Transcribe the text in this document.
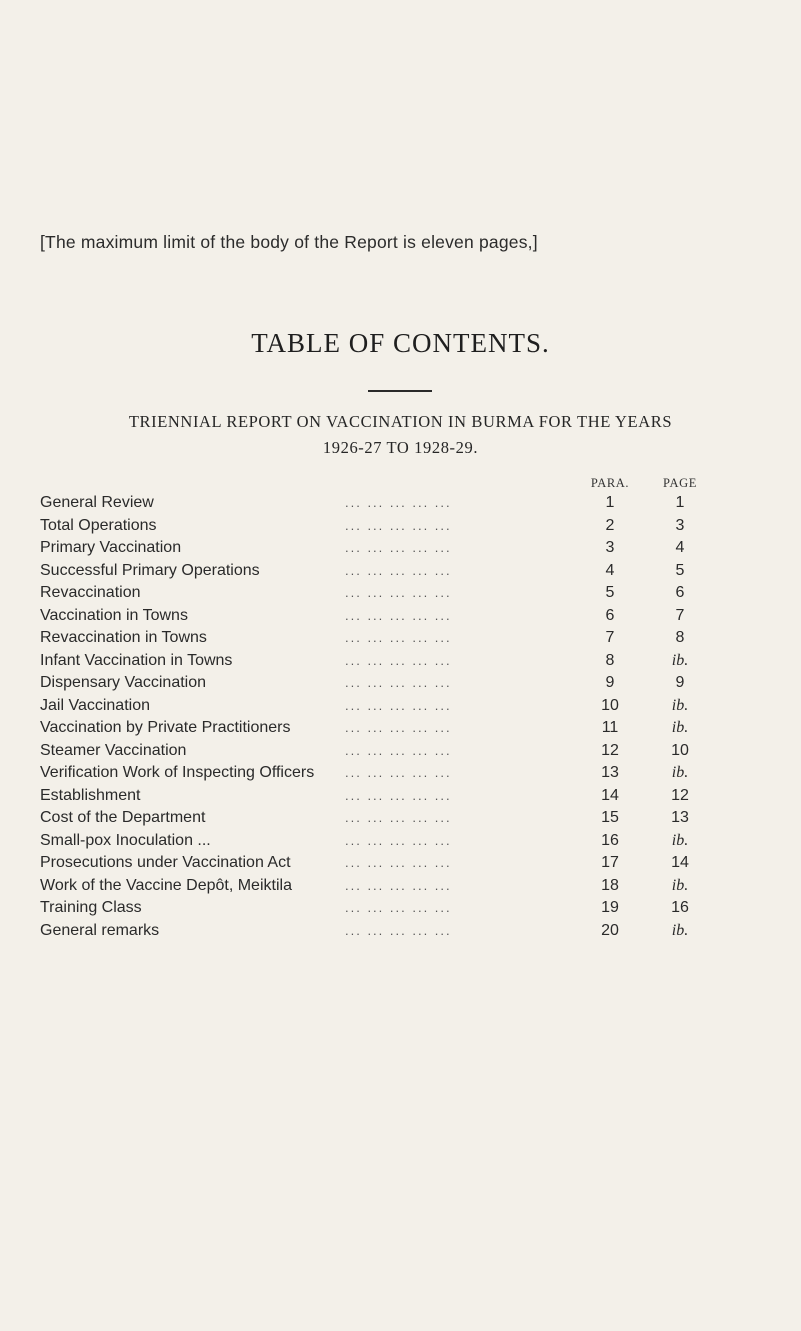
[The maximum limit of the body of the Report is eleven pages,]
TABLE OF CONTENTS.
TRIENNIAL REPORT ON VACCINATION IN BURMA FOR THE YEARS
1926-27 TO 1928-29.
PARA.	PAGE
General Review	... ... ... ... ...	1	1
Total Operations	... ... ... ... ...	2	3
Primary Vaccination	... ... ... ... ...	3	4
Successful Primary Operations	... ... ... ... ...	4	5
Revaccination	... ... ... ... ...	5	6
Vaccination in Towns	... ... ... ... ...	6	7
Revaccination in Towns	... ... ... ... ...	7	8
Infant Vaccination in Towns	... ... ... ... ...	8	ib.
Dispensary Vaccination	... ... ... ... ...	9	9
Jail Vaccination	... ... ... ... ...	10	ib.
Vaccination by Private Practitioners	... ... ... ... ...	11	ib.
Steamer Vaccination	... ... ... ... ...	12	10
Verification Work of Inspecting Officers ... ... ... ... ...	13	ib.
Establishment	... ... ... ... ...	14	12
Cost of the Department	... ... ... ... ...	15	13
Small-pox Inoculation ...	... ... ... ... ...	16	ib.
Prosecutions under Vaccination Act	... ... ... ... ...	17	14
Work of the Vaccine Depôt, Meiktila	... ... ... ... ...	18	ib.
Training Class	... ... ... ... ...	19	16
General remarks	... ... ... ... ...	20	ib.
